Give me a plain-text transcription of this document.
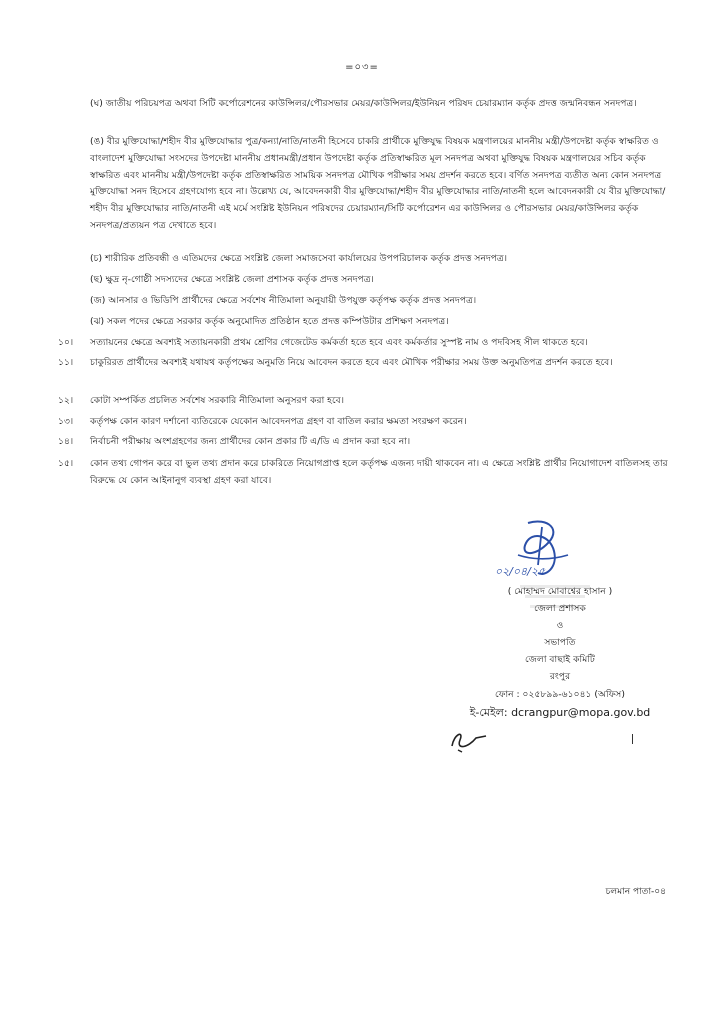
=০৩=
(ঘ) জাতীয় পরিচয়পত্র অথবা সিটি কর্পোরেশনের কাউন্সিলর/পৌরসভার মেয়র/কাউন্সিলর/ইউনিয়ন পরিষদ চেয়ারম্যান কর্তৃক প্রদত্ত জন্মনিবন্ধন সনদপত্র।
(ঙ) বীর মুক্তিযোদ্ধা/শহীদ বীর মুক্তিযোদ্ধার পুত্র/কন্যা/নাতি/নাতনী হিসেবে চাকরি প্রার্থীকে মুক্তিযুদ্ধ বিষয়ক মন্ত্রণালয়ের মাননীয় মন্ত্রী/উপদেষ্টা কর্তৃক স্বাক্ষরিত ও বাংলাদেশ মুক্তিযোদ্ধা সংসদের উপদেষ্টা মাননীয় প্রধানমন্ত্রী/প্রধান উপদেষ্টা কর্তৃক প্রতিস্বাক্ষরিত মূল সনদপত্র অথবা মুক্তিযুদ্ধ বিষয়ক মন্ত্রণালয়ের সচিব কর্তৃক স্বাক্ষরিত এবং মাননীয় মন্ত্রী/উপদেষ্টা কর্তৃক প্রতিস্বাক্ষরিত সাময়িক সনদপত্র মৌখিক পরীক্ষার সময় প্রদর্শন করতে হবে। বর্ণিত সনদপত্র ব্যতীত অন্য কোন সনদপত্র মুক্তিযোদ্ধা সনদ হিসেবে গ্রহণযোগ্য হবে না। উল্লেখ্য যে, আবেদনকারী বীর মুক্তিযোদ্ধা/শহীদ বীর মুক্তিযোদ্ধার নাতি/নাতনী হলে আবেদনকারী যে বীর মুক্তিযোদ্ধা/শহীদ বীর মুক্তিযোদ্ধার নাতি/নাতনী এই মর্মে সংশ্লিষ্ট ইউনিয়ন পরিষদের চেয়ারম্যান/সিটি কর্পোরেশন এর কাউন্সিলর ও পৌরসভার মেয়র/কাউন্সিলর কর্তৃক সনদপত্র/প্রত্যয়ন পত্র দেখাতে হবে।
(চ) শারীরিক প্রতিবন্ধী ও এতিমদের ক্ষেত্রে সংশ্লিষ্ট জেলা সমাজসেবা কার্যালয়ের উপপরিচালক কর্তৃক প্রদত্ত সনদপত্র।
(ছ) ক্ষুদ্র নৃ-গোষ্ঠী সদস্যদের ক্ষেত্রে সংশ্লিষ্ট জেলা প্রশাসক কর্তৃক প্রদত্ত সনদপত্র।
(জ) আনসার ও ভিডিপি প্রার্থীদের ক্ষেত্রে সর্বশেষ নীতিমালা অনুযায়ী উপযুক্ত কর্তৃপক্ষ কর্তৃক প্রদত্ত সনদপত্র।
(ঝ) সকল পদের ক্ষেত্রে সরকার কর্তৃক অনুমোদিত প্রতিষ্ঠান হতে প্রদত্ত কম্পিউটার প্রশিক্ষণ সনদপত্র।
১০।	সত্যায়নের ক্ষেত্রে অবশ্যই সত্যায়নকারী প্রথম শ্রেণির গেজেটেড কর্মকর্তা হতে হবে এবং কর্মকর্তার সুস্পষ্ট নাম ও পদবিসহ সীল থাকতে হবে।
১১।	চাকুরিরত প্রার্থীদের অবশ্যই যথাযথ কর্তৃপক্ষের অনুমতি নিয়ে আবেদন করতে হবে এবং মৌখিক পরীক্ষার সময় উক্ত অনুমতিপত্র প্রদর্শন করতে হবে।
১২।	কোটা সম্পর্কিত প্রচলিত সর্বশেষ সরকারি নীতিমালা অনুসরণ করা হবে।
১৩।	কর্তৃপক্ষ কোন কারণ দর্শানো ব্যতিরেকে যেকোন আবেদনপত্র গ্রহণ বা বাতিল করার ক্ষমতা সংরক্ষণ করেন।
১৪।	নির্বাচনী পরীক্ষায় অংশগ্রহণের জন্য প্রার্থীদের কোন প্রকার টি এ/ডি এ প্রদান করা হবে না।
১৫।	কোন তথ্য গোপন করে বা ভুল তথ্য প্রদান করে চাকরিতে নিয়োগপ্রাপ্ত হলে কর্তৃপক্ষ এজন্য দায়ী থাকবেন না। এ ক্ষেত্রে সংশ্লিষ্ট প্রার্থীর নিয়োগাদেশ বাতিলসহ তার বিরুদ্ধে যে কোন আইনানুগ ব্যবস্থা গ্রহণ করা যাবে।
০২/০৪/২৫
( মোহাম্মদ মোবাশ্বের হাসান )
জেলা প্রশাসক
ও
সভাপতি
জেলা বাছাই কমিটি
রংপুর
ফোন : ০২৫৮৯৯-৬১০৪১ (অফিস)
ই-মেইল: dcrangpur@mopa.gov.bd
চলমান পাতা-০৪
